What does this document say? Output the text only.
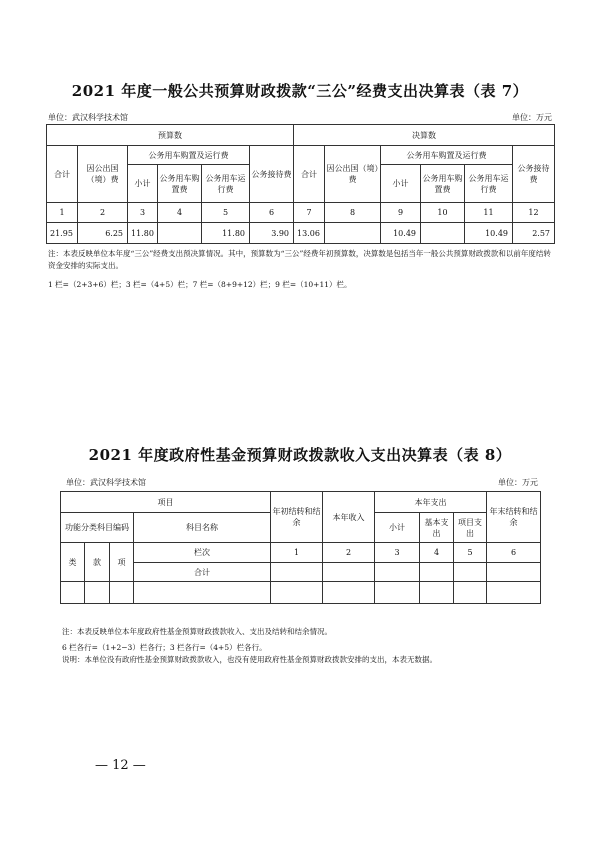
2021 年度一般公共预算财政拨款“三公”经费支出决算表（表 7）
单位：武汉科学技术馆	单位：万元
预算数						决算数					
合计	因公出国（境）费	公务用车购置及运行费			公务接待费	合计	因公出国（境）费	公务用车购置及运行费			公务接待费
		小计	公务用车购置费	公务用车运行费				小计	公务用车购置费	公务用车运行费	
1	2	3	4	5	6	7	8	9	10	11	12
21.95	6.25	11.80		11.80	3.90	13.06		10.49		10.49	2.57
注：本表反映单位本年度“三公”经费支出预决算情况。其中，预算数为“三公”经费年初预算数，决算数是包括当年一般公共预算财政拨款和以前年度结转资金安排的实际支出。
1 栏=（2+3+6）栏；3 栏=（4+5）栏；7 栏=（8+9+12）栏；9 栏=（10+11）栏。
2021 年度政府性基金预算财政拨款收入支出决算表（表 8）
单位：武汉科学技术馆	单位：万元
项目				年初结转和结余	本年收入	本年支出			年末结转和结余
功能分类科目编码			科目名称			小计	基本支出	项目支出	

类	款	项	栏次	1	2	3	4	5	6
			合计						

注：本表反映单位本年度政府性基金预算财政拨款收入、支出及结转和结余情况。
6 栏各行=（1+2−3）栏各行；3 栏各行=（4+5）栏各行。
说明：本单位没有政府性基金预算财政拨款收入，也没有使用政府性基金预算财政拨款安排的支出，本表无数据。
— 12 —
